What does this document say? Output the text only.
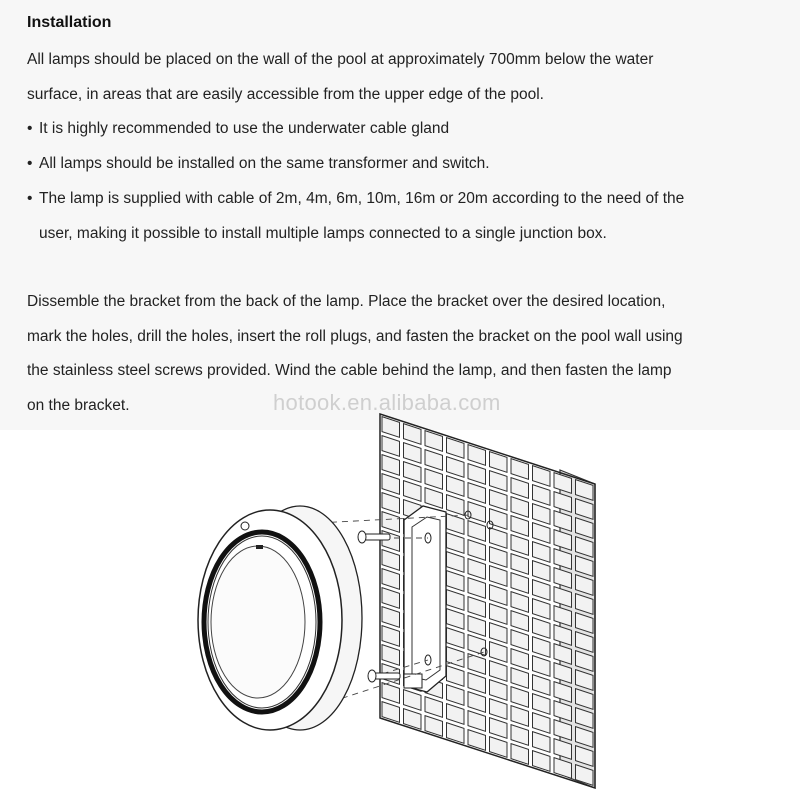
Installation
All lamps should be placed on the wall of the pool at approximately 700mm below the water
surface, in areas that are easily accessible from the upper edge of the pool.
• It is highly recommended to use the underwater cable gland
• All lamps should be installed on the same transformer and switch.
• The lamp is supplied with cable of 2m, 4m, 6m, 10m, 16m or 20m according to the need of the
user, making it possible to install multiple lamps connected to a single junction box.
Dissemble the bracket from the back of the lamp. Place the bracket over the desired location,
mark the holes, drill the holes, insert the roll plugs, and fasten the bracket on the pool wall using
the stainless steel screws provided. Wind the cable behind the lamp, and then fasten the lamp
on the bracket.	hotook.en.alibaba.com
